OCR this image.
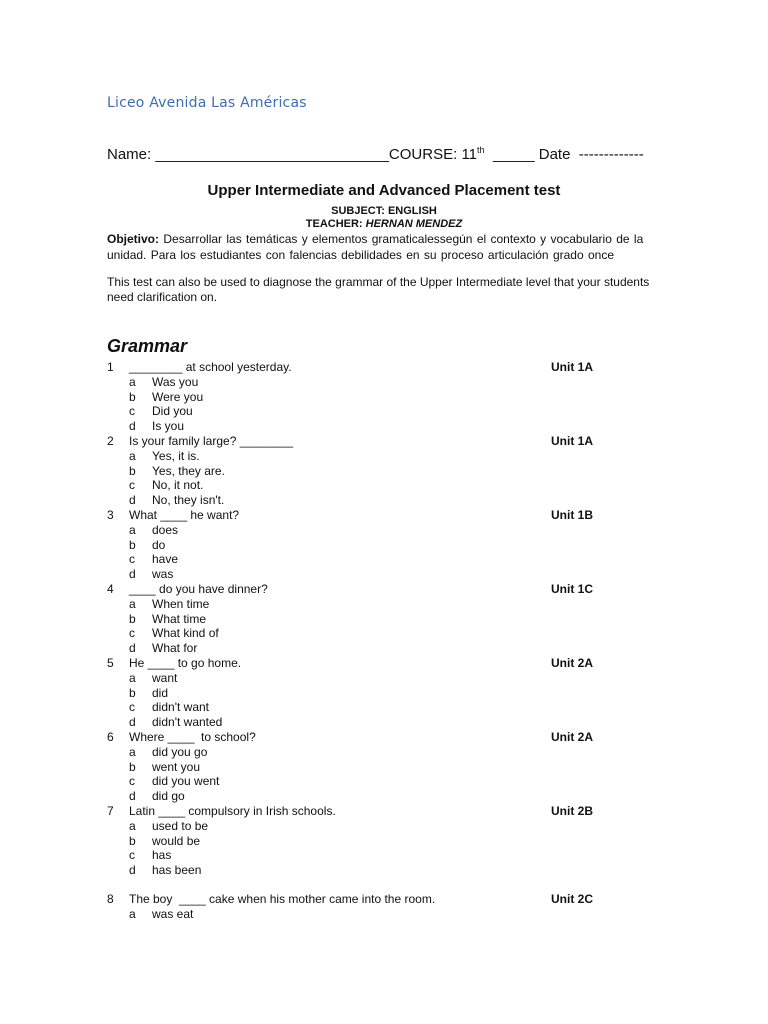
Liceo Avenida Las Américas
Name: ____________________________COURSE: 11th  _____ Date  -------------
Upper Intermediate and Advanced Placement test
SUBJECT: ENGLISH
TEACHER: HERNAN MENDEZ
Objetivo: Desarrollar las temáticas y elementos gramaticalessegún el contexto y vocabulario de la unidad. Para los estudiantes con falencias debilidades en su proceso articulación grado once
This test can also be used to diagnose the grammar of the Upper Intermediate level that your students need clarification on.
Grammar
1 ________ at school yesterday.	Unit 1A
a Was you
b Were you
c Did you
d Is you
2 Is your family large? ________	Unit 1A
a Yes, it is.
b Yes, they are.
c No, it not.
d No, they isn't.
3 What ____ he want?	Unit 1B
a does
b do
c have
d was
4 ____ do you have dinner?	Unit 1C
a When time
b What time
c What kind of
d What for
5 He ____ to go home.	Unit 2A
a want
b did
c didn't want
d didn't wanted
6 Where ____  to school?	Unit 2A
a did you go
b went you
c did you went
d did go
7 Latin ____ compulsory in Irish schools.	Unit 2B
a used to be
b would be
c has
d has been
8 The boy  ____ cake when his mother came into the room.	Unit 2C
a was eat
